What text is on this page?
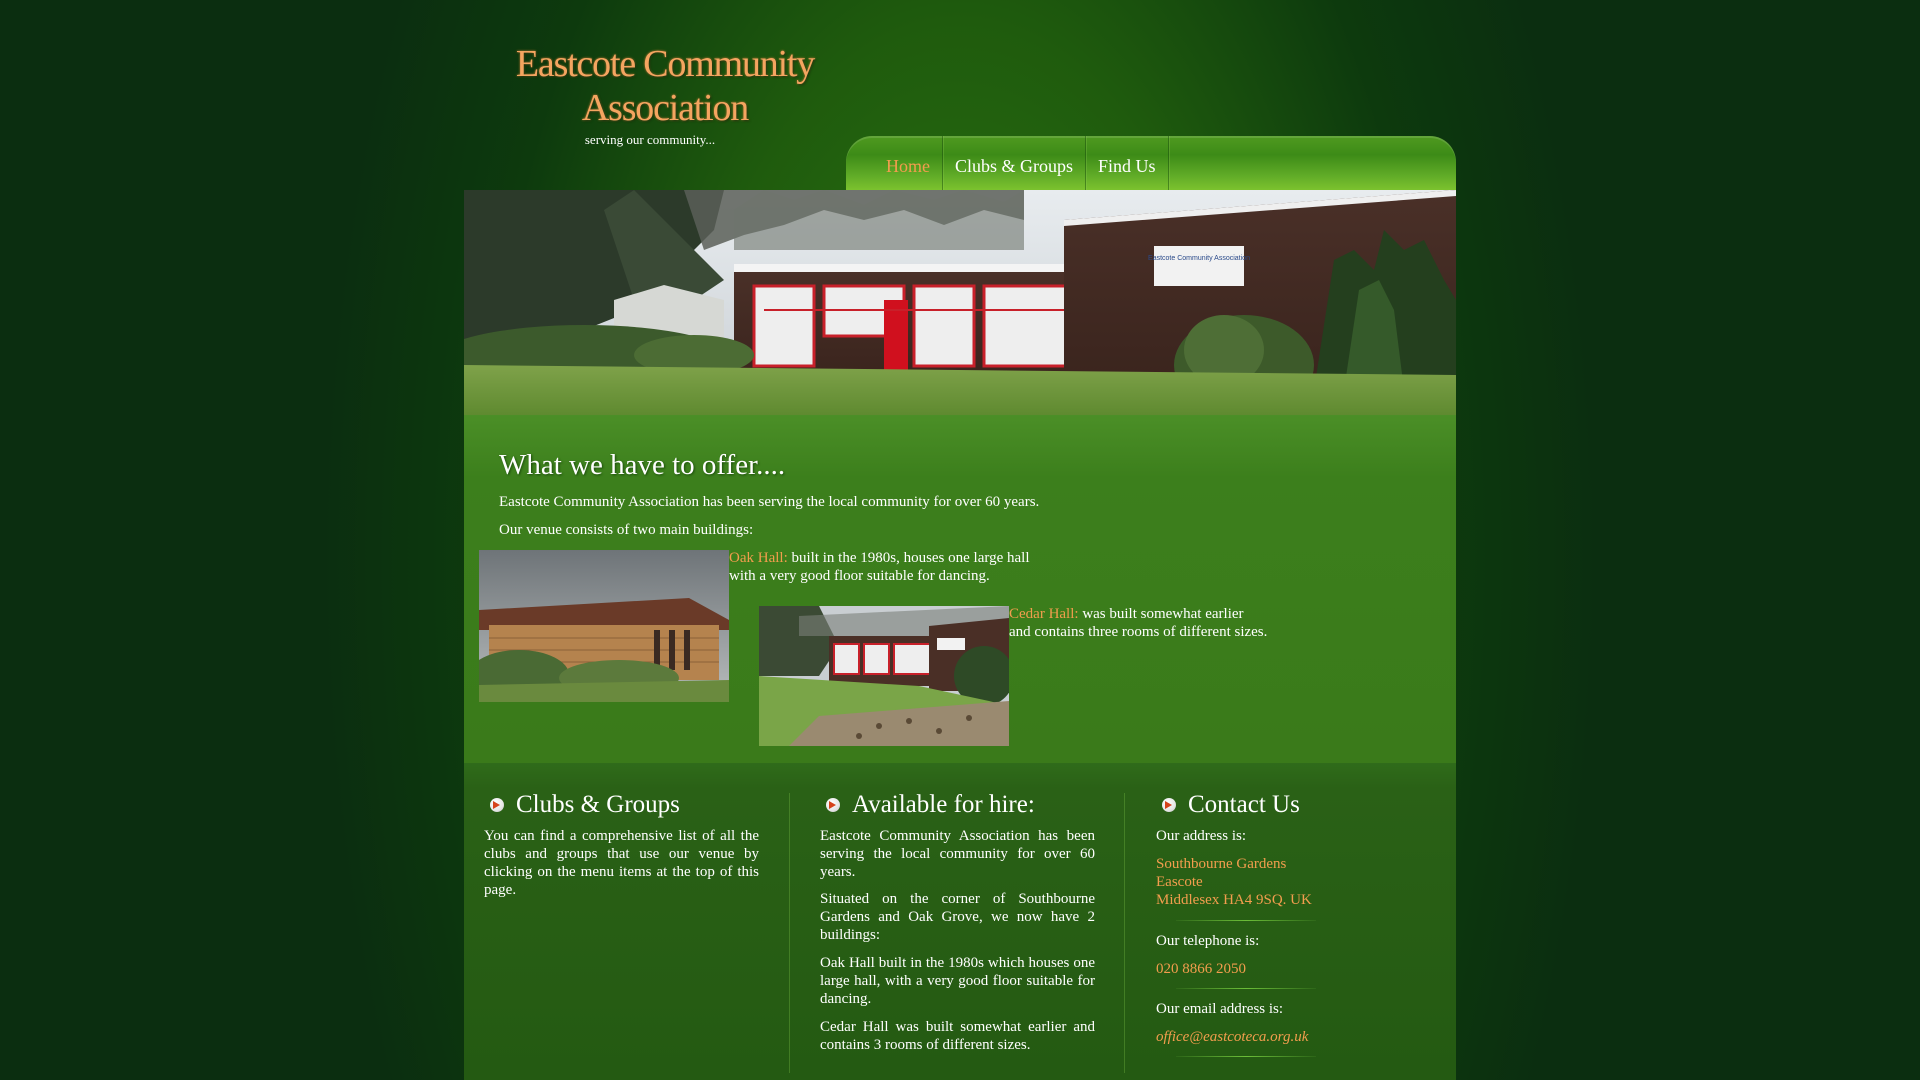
Eastcote Community Association
serving our community...
Home	Clubs & Groups	Find Us
Eastcote Community Association
What we have to offer....

Eastcote Community Association has been serving the local community for over 60 years.

Our venue consists of two main buildings:

Oak Hall: built in the 1980s, houses one large hall
with a very good floor suitable for dancing.
Cedar Hall: was built somewhat earlier
and contains three rooms of different sizes.
Clubs & Groups

You can find a comprehensive list of all the clubs and groups that use our venue by clicking on the menu items at the top of this page.

Available for hire:

Eastcote Community Association has been serving the local community for over 60 years.

Situated on the corner of Southbourne Gardens and Oak Grove, we now have 2 buildings:

Oak Hall built in the 1980s which houses one large hall, with a very good floor suitable for dancing.

Cedar Hall was built somewhat earlier and contains 3 rooms of different sizes.

Contact Us
Our address is:
Southbourne Gardens
Eascote
Middlesex HA4 9SQ. UK
Our telephone is:
020 8866 2050
Our email address is:
office@eastcoteca.org.uk
